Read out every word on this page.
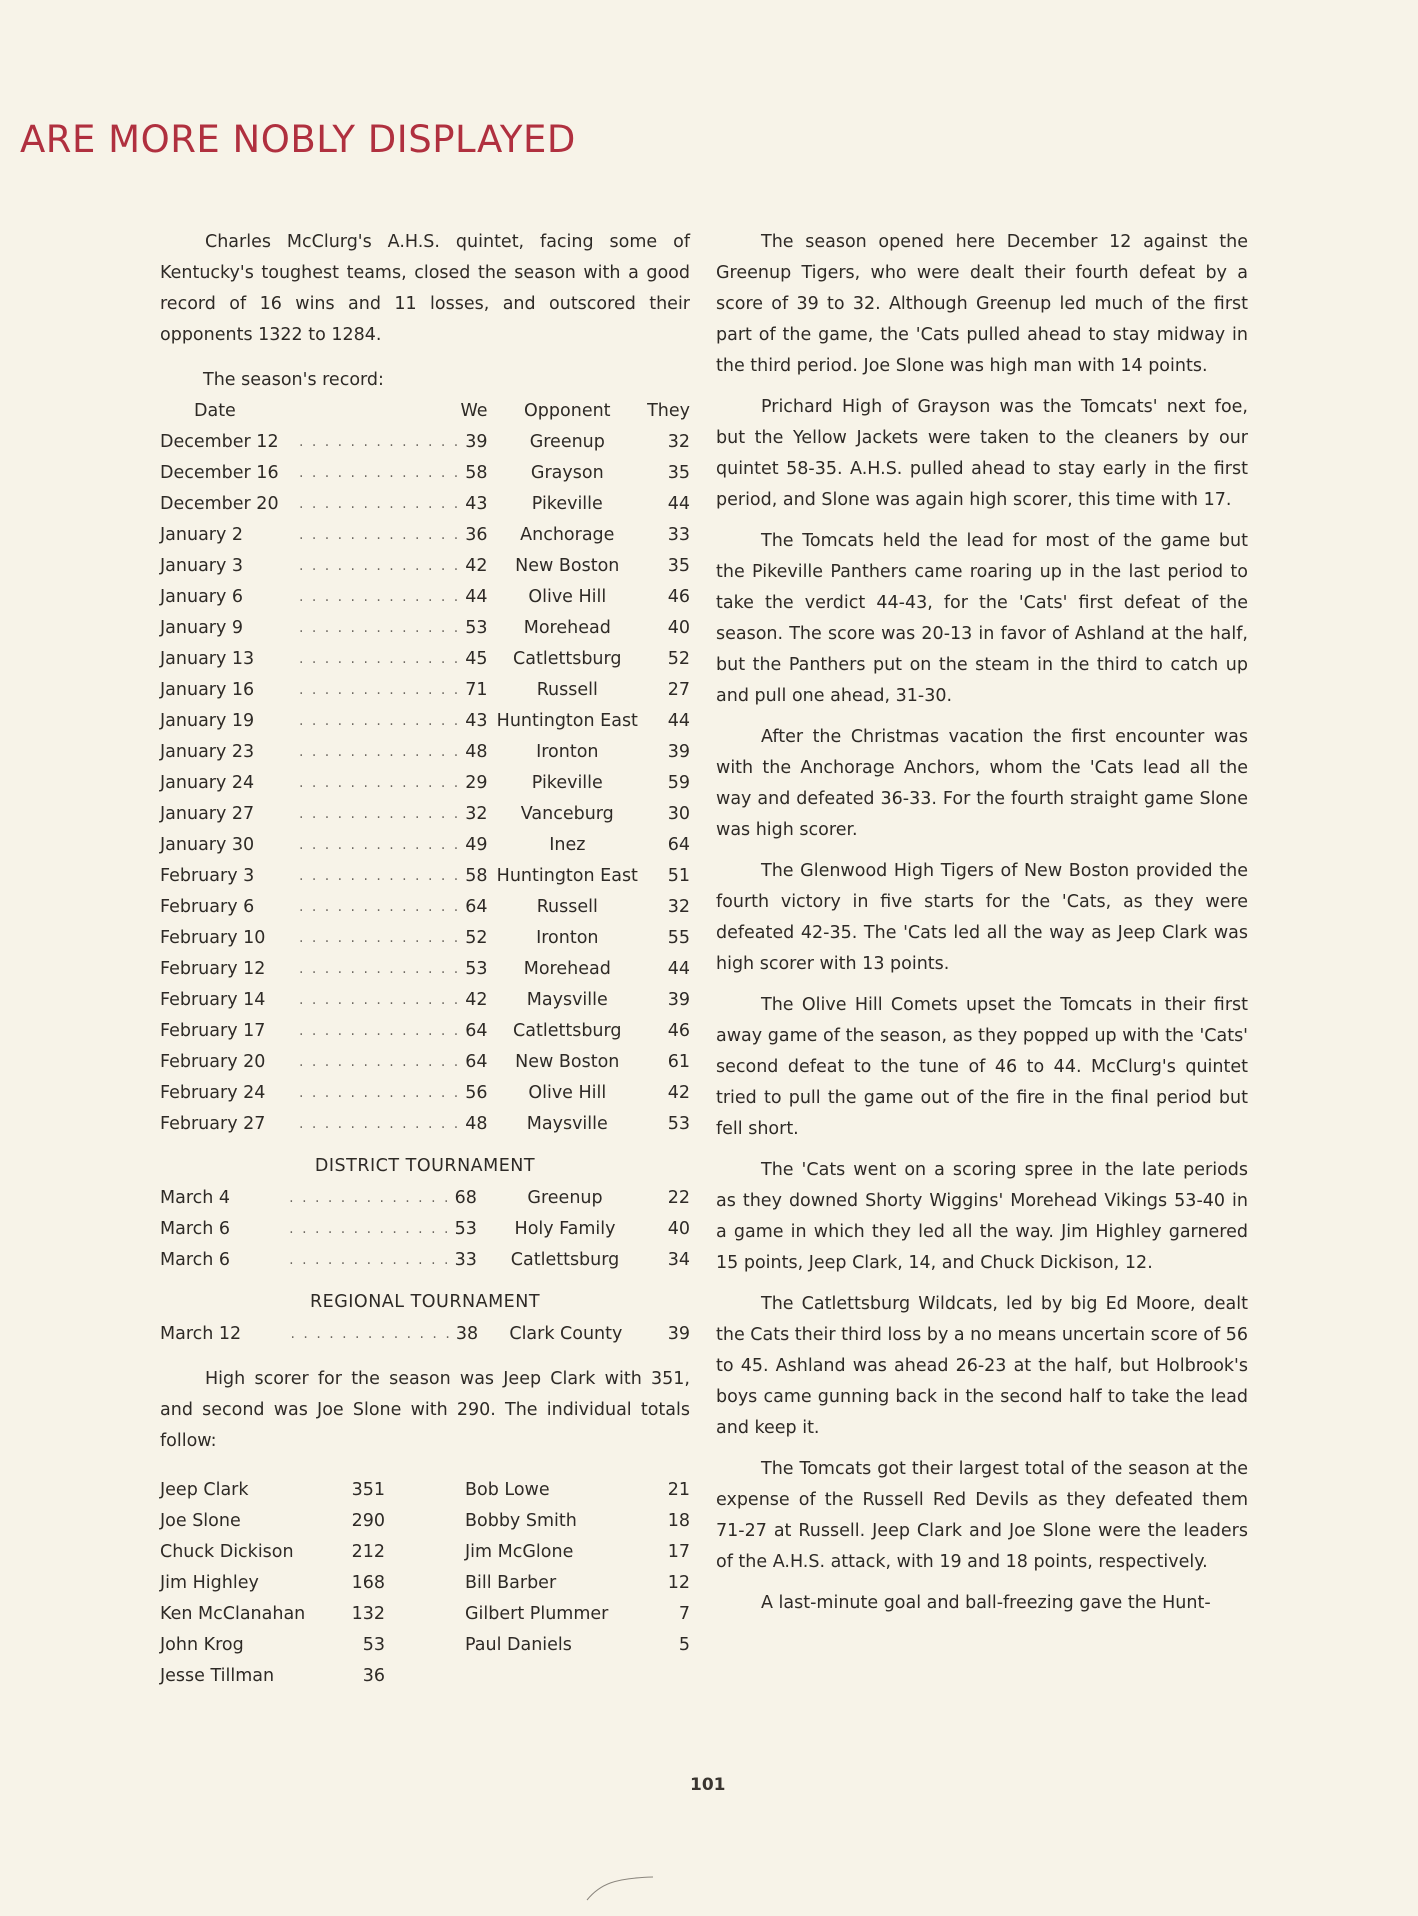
ARE MORE NOBLY DISPLAYED

Charles McClurg's A.H.S. quintet, facing some of Kentucky's toughest teams, closed the season with a good record of 16 wins and 11 losses, and outscored their opponents 1322 to 1284.

The season's record:
Date		We	Opponent	They
December 12	. . . . . . . . . . . . .	39	Greenup	32
December 16	. . . . . . . . . . . . .	58	Grayson	35
December 20	. . . . . . . . . . . . .	43	Pikeville	44
January 2	. . . . . . . . . . . . .	36	Anchorage	33
January 3	. . . . . . . . . . . . .	42	New Boston	35
January 6	. . . . . . . . . . . . .	44	Olive Hill	46
January 9	. . . . . . . . . . . . .	53	Morehead	40
January 13	. . . . . . . . . . . . .	45	Catlettsburg	52
January 16	. . . . . . . . . . . . .	71	Russell	27
January 19	. . . . . . . . . . . . .	43	Huntington East	44
January 23	. . . . . . . . . . . . .	48	Ironton	39
January 24	. . . . . . . . . . . . .	29	Pikeville	59
January 27	. . . . . . . . . . . . .	32	Vanceburg	30
January 30	. . . . . . . . . . . . .	49	Inez	64
February 3	. . . . . . . . . . . . .	58	Huntington East	51
February 6	. . . . . . . . . . . . .	64	Russell	32
February 10	. . . . . . . . . . . . .	52	Ironton	55
February 12	. . . . . . . . . . . . .	53	Morehead	44
February 14	. . . . . . . . . . . . .	42	Maysville	39
February 17	. . . . . . . . . . . . .	64	Catlettsburg	46
February 20	. . . . . . . . . . . . .	64	New Boston	61
February 24	. . . . . . . . . . . . .	56	Olive Hill	42
February 27	. . . . . . . . . . . . .	48	Maysville	53
DISTRICT TOURNAMENT
March 4	. . . . . . . . . . . . .	68	Greenup	22
March 6	. . . . . . . . . . . . .	53	Holy Family	40
March 6	. . . . . . . . . . . . .	33	Catlettsburg	34
REGIONAL TOURNAMENT
March 12	. . . . . . . . . . . . .	38	Clark County	39

High scorer for the season was Jeep Clark with 351, and second was Joe Slone with 290. The individual totals follow:

Jeep Clark	351
Joe Slone	290
Chuck Dickison	212
Jim Highley	168
Ken McClanahan	132
John Krog	53
Jesse Tillman	36
Bob Lowe	21
Bobby Smith	18
Jim McGlone	17
Bill Barber	12
Gilbert Plummer	7
Paul Daniels	5

The season opened here December 12 against the Greenup Tigers, who were dealt their fourth defeat by a score of 39 to 32. Although Greenup led much of the first part of the game, the 'Cats pulled ahead to stay midway in the third period. Joe Slone was high man with 14 points.

Prichard High of Grayson was the Tomcats' next foe, but the Yellow Jackets were taken to the cleaners by our quintet 58-35. A.H.S. pulled ahead to stay early in the first period, and Slone was again high scorer, this time with 17.

The Tomcats held the lead for most of the game but the Pikeville Panthers came roaring up in the last period to take the verdict 44-43, for the 'Cats' first defeat of the season. The score was 20-13 in favor of Ashland at the half, but the Panthers put on the steam in the third to catch up and pull one ahead, 31-30.

After the Christmas vacation the first encounter was with the Anchorage Anchors, whom the 'Cats lead all the way and defeated 36-33. For the fourth straight game Slone was high scorer.

The Glenwood High Tigers of New Boston provided the fourth victory in five starts for the 'Cats, as they were defeated 42-35. The 'Cats led all the way as Jeep Clark was high scorer with 13 points.

The Olive Hill Comets upset the Tomcats in their first away game of the season, as they popped up with the 'Cats' second defeat to the tune of 46 to 44. McClurg's quintet tried to pull the game out of the fire in the final period but fell short.

The 'Cats went on a scoring spree in the late periods as they downed Shorty Wiggins' Morehead Vikings 53-40 in a game in which they led all the way. Jim Highley garnered 15 points, Jeep Clark, 14, and Chuck Dickison, 12.

The Catlettsburg Wildcats, led by big Ed Moore, dealt the Cats their third loss by a no means uncertain score of 56 to 45. Ashland was ahead 26-23 at the half, but Holbrook's boys came gunning back in the second half to take the lead and keep it.

The Tomcats got their largest total of the season at the expense of the Russell Red Devils as they defeated them 71-27 at Russell. Jeep Clark and Joe Slone were the leaders of the A.H.S. attack, with 19 and 18 points, respectively.

A last-minute goal and ball-freezing gave the Hunt-

101
